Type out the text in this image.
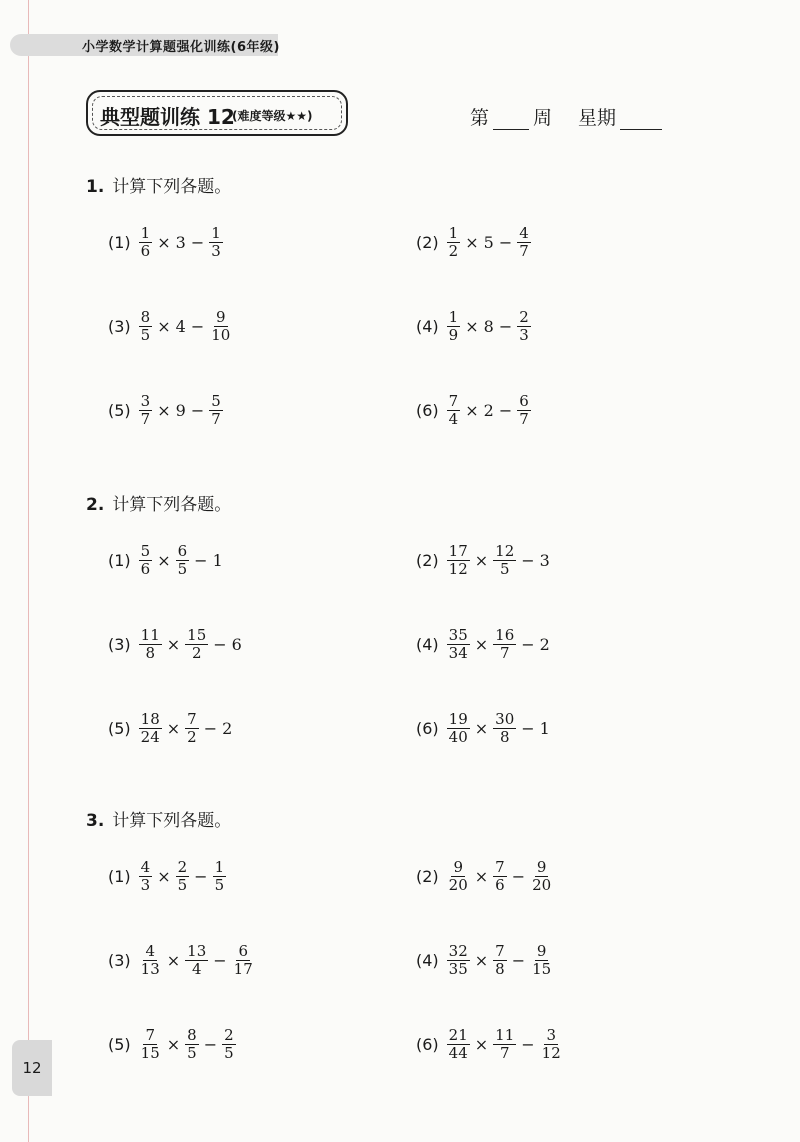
小学数学计算题强化训练(6年级)
典型题训练 12
(难度等级★★)	第 周 星期
1. 计算下列各题。
$(1) \frac{1}{6} \times 3 - \frac{1}{3}$	$(2) \frac{1}{2} \times 5 - \frac{4}{7}$
$(3) \frac{8}{5} \times 4 - \frac{9}{10}$	$(4) \frac{1}{9} \times 8 - \frac{2}{3}$
$(5) \frac{3}{7} \times 9 - \frac{5}{7}$	$(6) \frac{7}{4} \times 2 - \frac{6}{7}$
2. 计算下列各题。
$(1) \frac{5}{6} \times \frac{6}{5} - 1$	$(2) \frac{17}{12} \times \frac{12}{5} - 3$
$(3) \frac{11}{8} \times \frac{15}{2} - 6$	$(4) \frac{35}{34} \times \frac{16}{7} - 2$
$(5) \frac{18}{24} \times \frac{7}{2} - 2$	$(6) \frac{19}{40} \times \frac{30}{8} - 1$
3. 计算下列各题。
$(1) \frac{4}{3} \times \frac{2}{5} - \frac{1}{5}$	$(2) \frac{9}{20} \times \frac{7}{6} - \frac{9}{20}$
$(3) \frac{4}{13} \times \frac{13}{4} - \frac{6}{17}$	$(4) \frac{32}{35} \times \frac{7}{8} - \frac{9}{15}$
$(5) \frac{7}{15} \times \frac{8}{5} - \frac{2}{5}$	$(6) \frac{21}{44} \times \frac{11}{7} - \frac{3}{12}$
12
